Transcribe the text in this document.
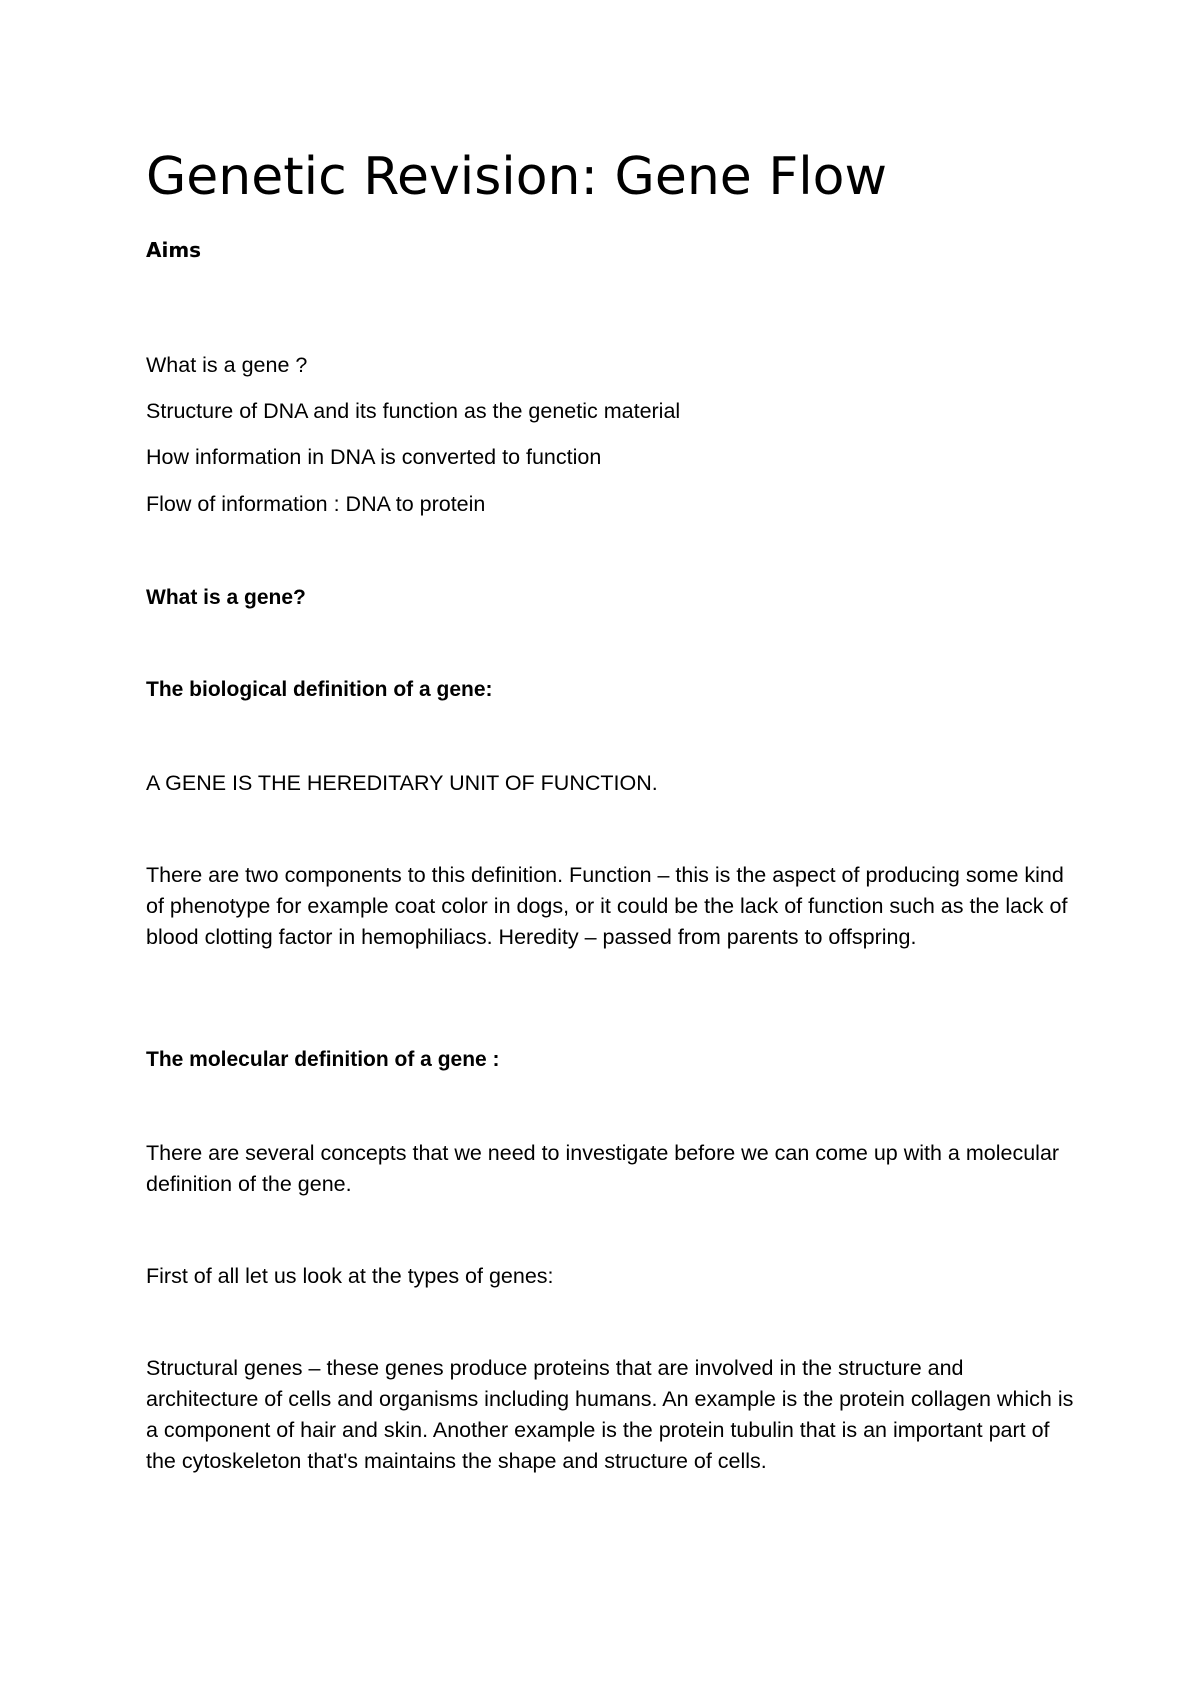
Genetic Revision: Gene Flow
Aims
What is a gene ?
Structure of DNA and its function as the genetic material
How information in DNA is converted to function
Flow of information : DNA to protein
What is a gene?
The biological definition of a gene:

A GENE IS THE HEREDITARY UNIT OF FUNCTION.

There are two components to this definition. Function – this is the aspect of producing some kind of phenotype for example coat color in dogs, or it could be the lack of function such as the lack of blood clotting factor in hemophiliacs. Heredity – passed from parents to offspring.

The molecular definition of a gene :

There are several concepts that we need to investigate before we can come up with a molecular definition of the gene.

First of all let us look at the types of genes:

Structural genes – these genes produce proteins that are involved in the structure and architecture of cells and organisms including humans. An example is the protein collagen which is a component of hair and skin. Another example is the protein tubulin that is an important part of the cytoskeleton that's maintains the shape and structure of cells.
